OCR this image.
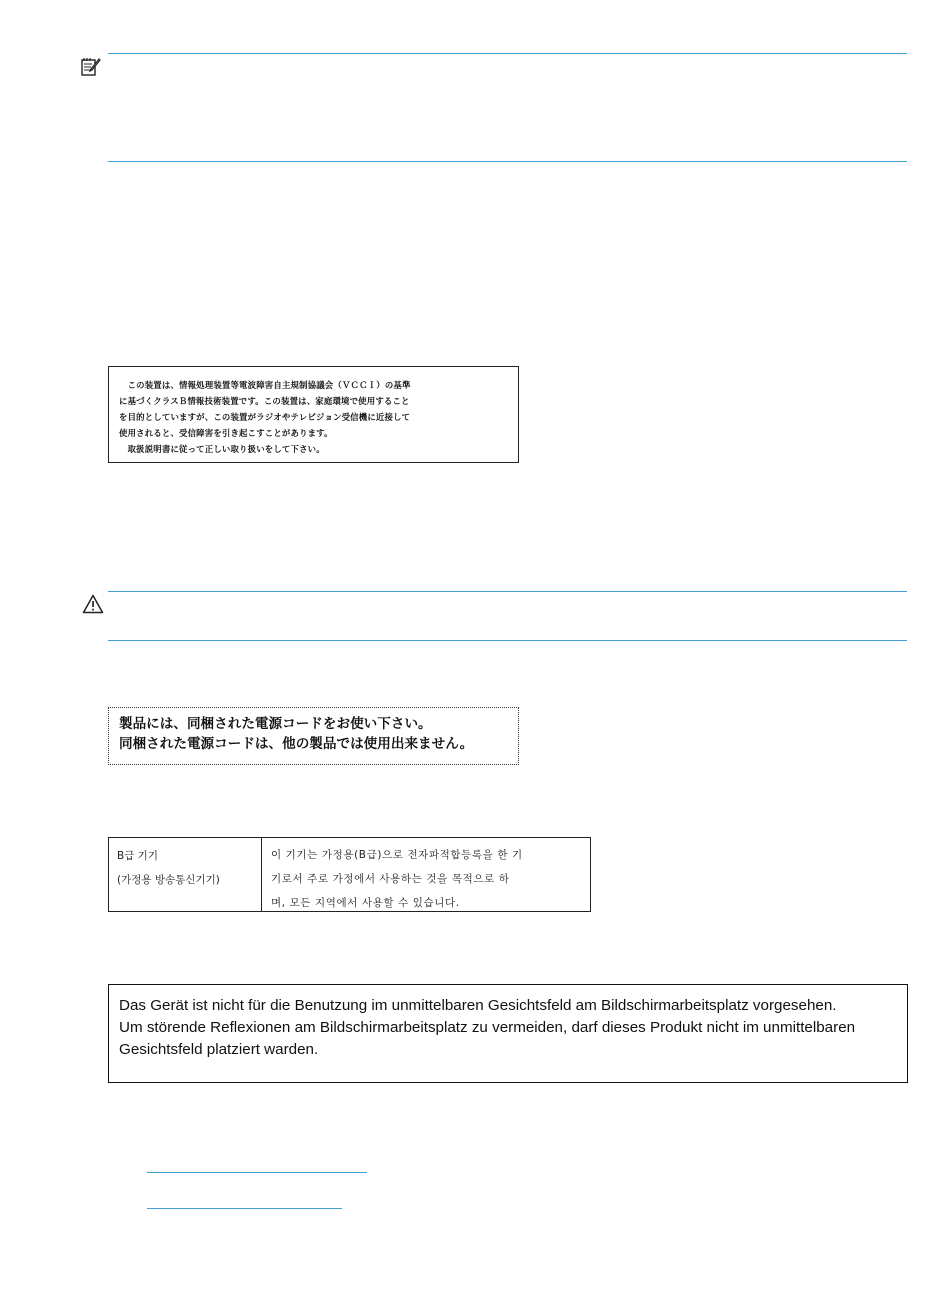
　この装置は、情報処理装置等電波障害自主規制協議会（ＶＣＣＩ）の基準

に基づくクラスＢ情報技術装置です。この装置は、家庭環境で使用すること

を目的としていますが、この装置がラジオやテレビジョン受信機に近接して

使用されると、受信障害を引き起こすことがあります。

　取扱説明書に従って正しい取り扱いをして下さい。

製品には、同梱された電源コードをお使い下さい。

同梱された電源コードは、他の製品では使用出来ません。

B급 기기

(가정용 방송통신기기)

이 기기는 가정용(B급)으로 전자파적합등록을 한 기

기로서 주로 가정에서 사용하는 것을 목적으로 하

며, 모든 지역에서 사용할 수 있습니다.

Das Gerät ist nicht für die Benutzung im unmittelbaren Gesichtsfeld am Bildschirmarbeitsplatz vorgesehen.

Um störende Reflexionen am Bildschirmarbeitsplatz zu vermeiden, darf dieses Produkt nicht im unmittelbaren

Gesichtsfeld platziert warden.
